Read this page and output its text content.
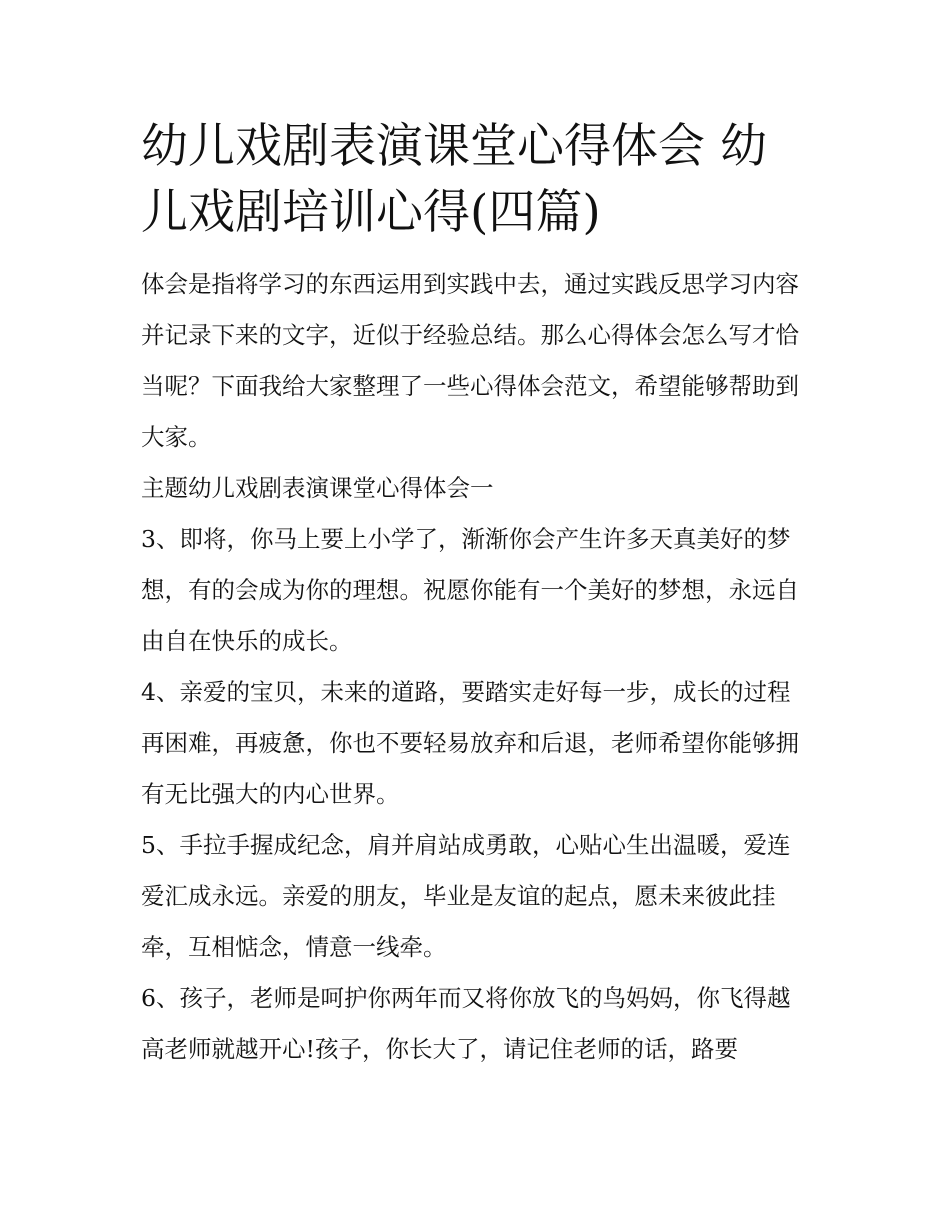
幼儿戏剧表演课堂心得体会 幼儿戏剧培训心得(四篇)

体会是指将学习的东西运用到实践中去，通过实践反思学习内容并记录下来的文字，近似于经验总结。那么心得体会怎么写才恰当呢？下面我给大家整理了一些心得体会范文，希望能够帮助到大家。

主题幼儿戏剧表演课堂心得体会一

3、即将，你马上要上小学了，渐渐你会产生许多天真美好的梦想，有的会成为你的理想。祝愿你能有一个美好的梦想，永远自由自在快乐的成长。

4、亲爱的宝贝，未来的道路，要踏实走好每一步，成长的过程再困难，再疲惫，你也不要轻易放弃和后退，老师希望你能够拥有无比强大的内心世界。

5、手拉手握成纪念，肩并肩站成勇敢，心贴心生出温暖，爱连爱汇成永远。亲爱的朋友，毕业是友谊的起点，愿未来彼此挂牵，互相惦念，情意一线牵。

6、孩子，老师是呵护你两年而又将你放飞的鸟妈妈，你飞得越高老师就越开心!孩子，你长大了，请记住老师的话，路要
